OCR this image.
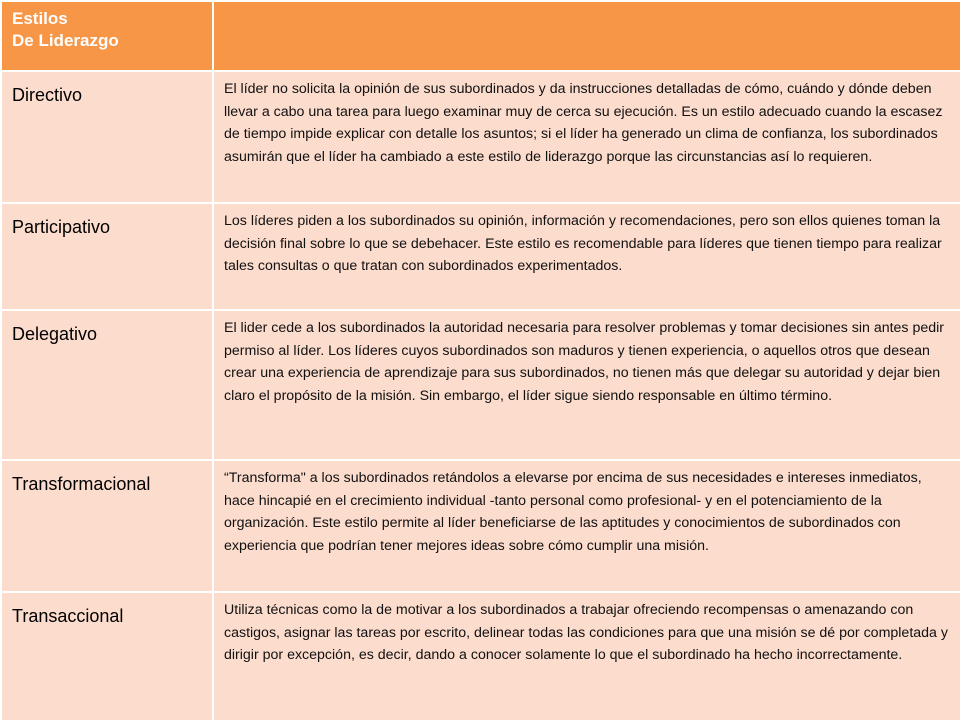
Estilos
De Liderazgo	

Directivo	El líder no solicita la opinión de sus subordinados y da instrucciones detalladas de cómo, cuándo y dónde deben llevar a cabo una tarea para luego examinar muy de cerca su ejecución. Es un estilo adecuado cuando la escasez de tiempo impide explicar con detalle los asuntos; si el líder ha generado un clima de confianza, los subordinados asumirán que el líder ha cambiado a este estilo de liderazgo porque las circunstancias así lo requieren.
Participativo	Los líderes piden a los subordinados su opinión, información y recomendaciones, pero son ellos quienes toman la decisión final sobre lo que se debehacer. Este estilo es recomendable para líderes que tienen tiempo para realizar tales consultas o que tratan con subordinados experimentados.
Delegativo	El lider cede a los subordinados la autoridad necesaria para resolver problemas y tomar decisiones sin antes pedir permiso al líder. Los líderes cuyos subordinados son maduros y tienen experiencia, o aquellos otros que desean crear una experiencia de aprendizaje para sus subordinados, no tienen más que delegar su autoridad y dejar bien claro el propósito de la misión. Sin embargo, el líder sigue siendo responsable en último término.
Transformacional	“Transforma" a los subordinados retándolos a elevarse por encima de sus necesidades e intereses inmediatos, hace hincapié en el crecimiento individual -tanto personal como profesional- y en el potenciamiento de la organización. Este estilo permite al líder beneficiarse de las aptitudes y conocimientos de subordinados con experiencia que podrían tener mejores ideas sobre cómo cumplir una misión.
Transaccional	Utiliza técnicas como la de motivar a los subordinados a trabajar ofreciendo recompensas o amenazando con castigos, asignar las tareas por escrito, delinear todas las condiciones para que una misión se dé por completada y dirigir por excepción, es decir, dando a conocer solamente lo que el subordinado ha hecho incorrectamente.
